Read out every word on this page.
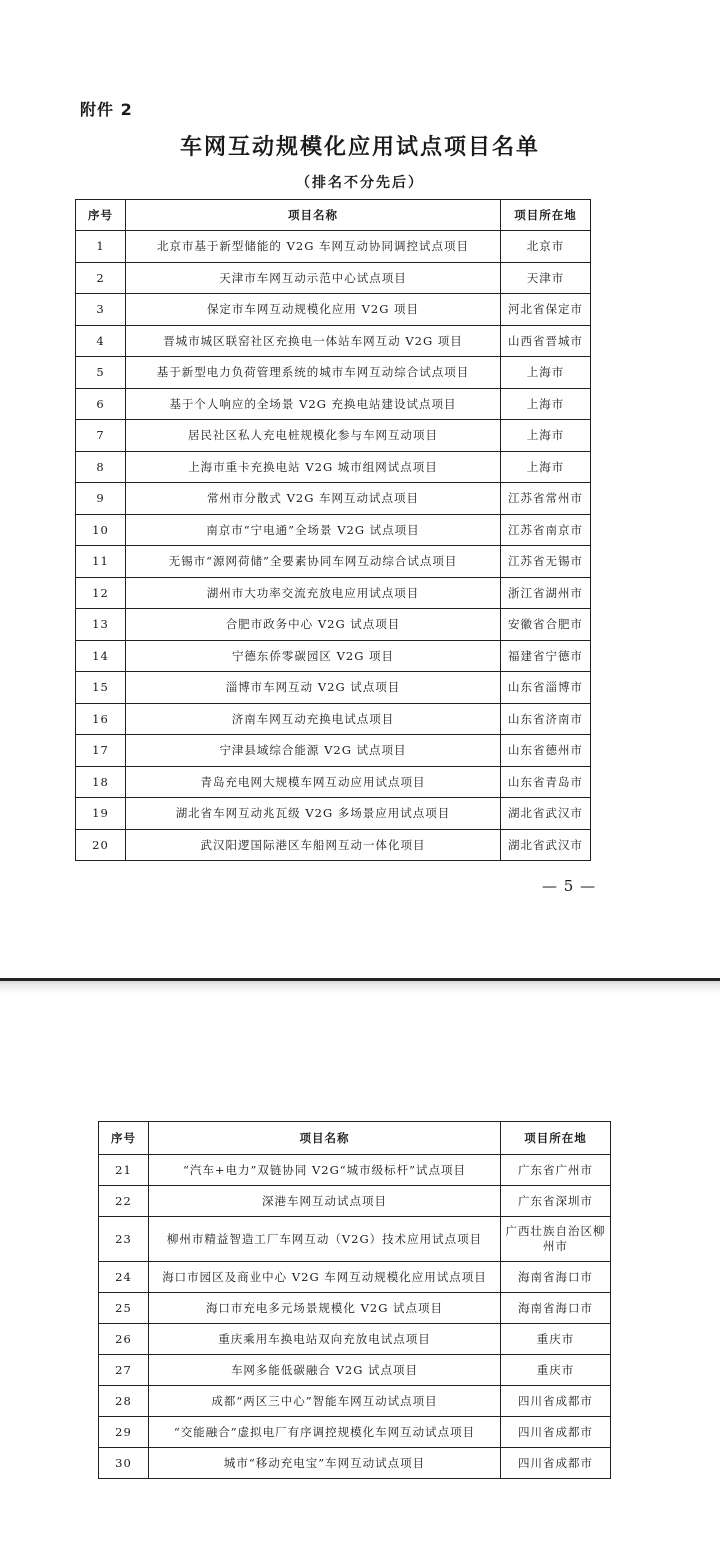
附件 2
车网互动规模化应用试点项目名单
（排名不分先后）
序号	项目名称	项目所在地
1	北京市基于新型储能的 V2G 车网互动协同调控试点项目	北京市
2	天津市车网互动示范中心试点项目	天津市
3	保定市车网互动规模化应用 V2G 项目	河北省保定市
4	晋城市城区联窑社区充换电一体站车网互动 V2G 项目	山西省晋城市
5	基于新型电力负荷管理系统的城市车网互动综合试点项目	上海市
6	基于个人响应的全场景 V2G 充换电站建设试点项目	上海市
7	居民社区私人充电桩规模化参与车网互动项目	上海市
8	上海市重卡充换电站 V2G 城市组网试点项目	上海市
9	常州市分散式 V2G 车网互动试点项目	江苏省常州市
10	南京市“宁电通”全场景 V2G 试点项目	江苏省南京市
11	无锡市“源网荷储”全要素协同车网互动综合试点项目	江苏省无锡市
12	湖州市大功率交流充放电应用试点项目	浙江省湖州市
13	合肥市政务中心 V2G 试点项目	安徽省合肥市
14	宁德东侨零碳园区 V2G 项目	福建省宁德市
15	淄博市车网互动 V2G 试点项目	山东省淄博市
16	济南车网互动充换电试点项目	山东省济南市
17	宁津县域综合能源 V2G 试点项目	山东省德州市
18	青岛充电网大规模车网互动应用试点项目	山东省青岛市
19	湖北省车网互动兆瓦级 V2G 多场景应用试点项目	湖北省武汉市
20	武汉阳逻国际港区车船网互动一体化项目	湖北省武汉市
— 5 —
序号	项目名称	项目所在地
21	“汽车+电力”双链协同 V2G“城市级标杆”试点项目	广东省广州市
22	深港车网互动试点项目	广东省深圳市
23	柳州市精益智造工厂车网互动（V2G）技术应用试点项目	广西壮族自治区柳州市
24	海口市园区及商业中心 V2G 车网互动规模化应用试点项目	海南省海口市
25	海口市充电多元场景规模化 V2G 试点项目	海南省海口市
26	重庆乘用车换电站双向充放电试点项目	重庆市
27	车网多能低碳融合 V2G 试点项目	重庆市
28	成都“两区三中心”智能车网互动试点项目	四川省成都市
29	“交能融合”虚拟电厂有序调控规模化车网互动试点项目	四川省成都市
30	城市“移动充电宝”车网互动试点项目	四川省成都市
